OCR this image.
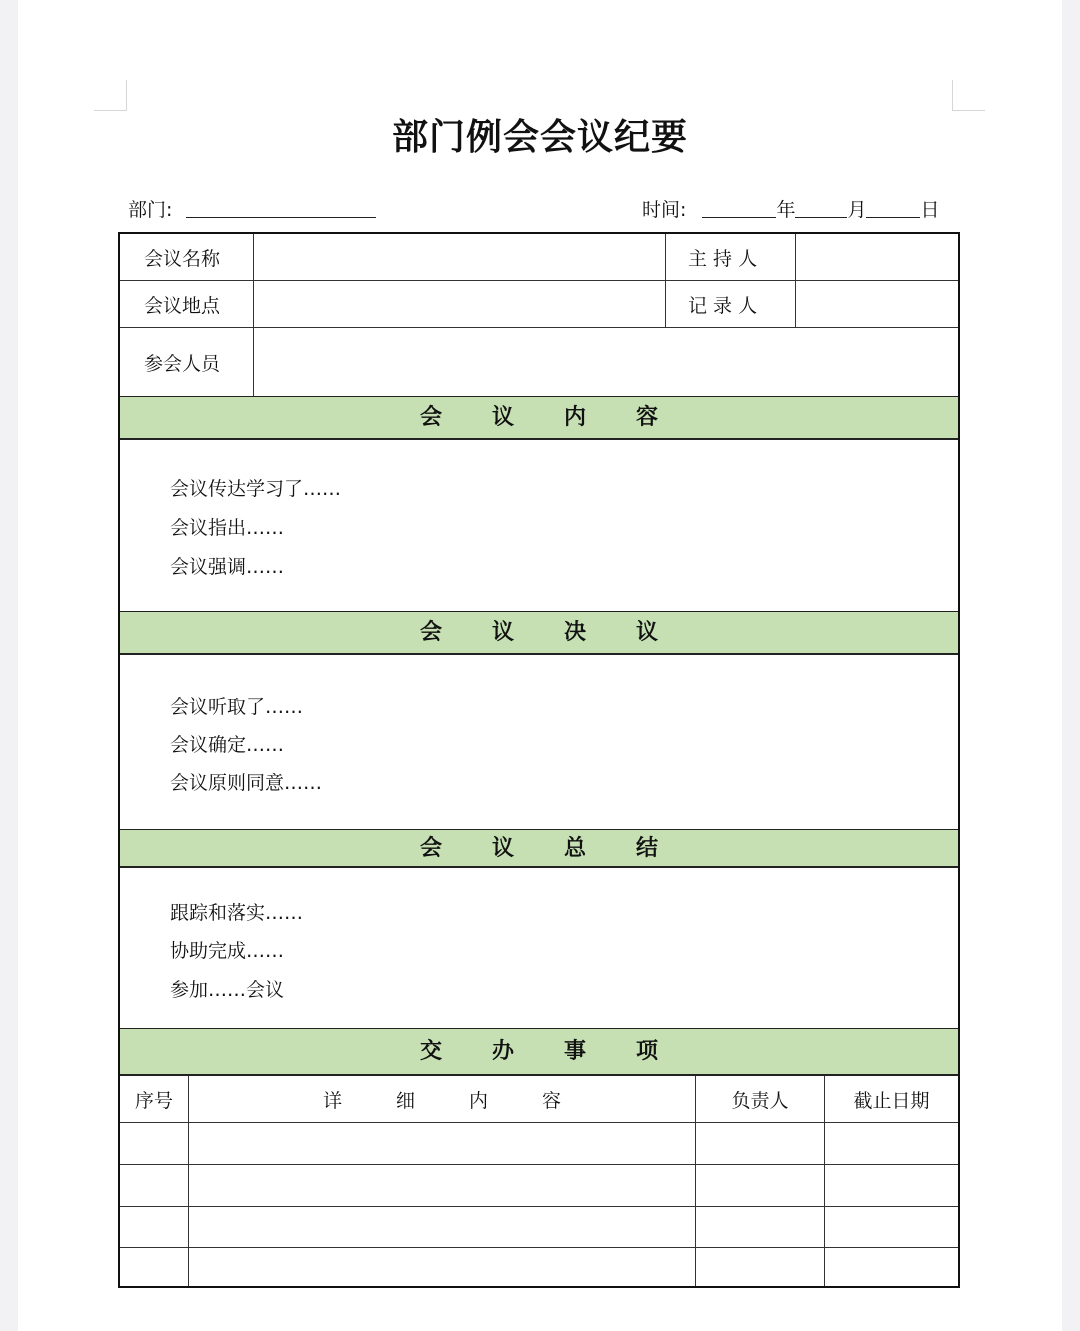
部门例会会议纪要
部门:	时间:	年	月	日
会议名称	主 持 人
会议地点	记 录 人
参会人员
会议内容
会议传达学习了……
会议指出……
会议强调……
会议决议
会议听取了……
会议确定……
会议原则同意……
会议总结
跟踪和落实……
协助完成……
参加……会议
交办事项
序号	详 细 内 容	负责人	截止日期
